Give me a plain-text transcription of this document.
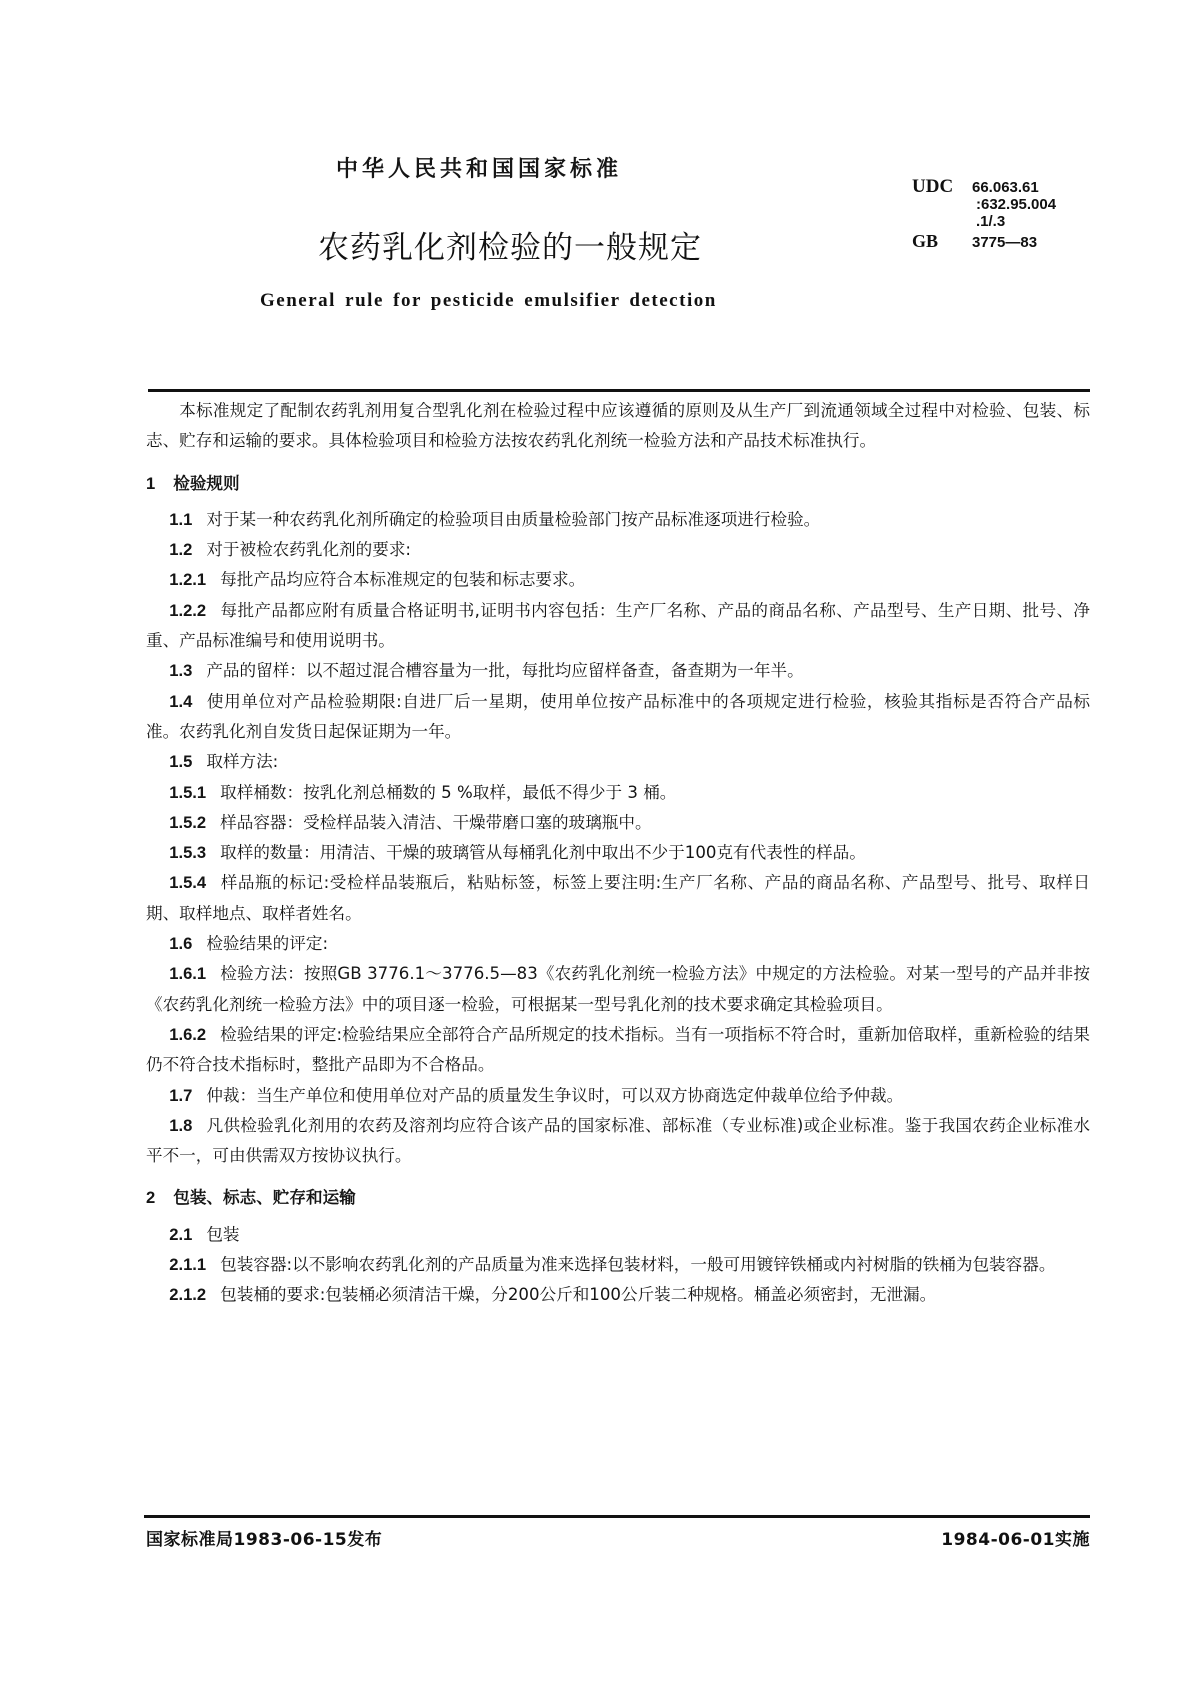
中华人民共和国国家标准
农药乳化剂检验的一般规定
General rule for pesticide emulsifier detection
UDC 66.063.61
:632.95.004
.1/.3
GB 3775—83

本标准规定了配制农药乳剂用复合型乳化剂在检验过程中应该遵循的原则及从生产厂到流通领域全过程中对检验、包装、标志、贮存和运输的要求。具体检验项目和检验方法按农药乳化剂统一检验方法和产品技术标准执行。

1 检验规则

1.1 对于某一种农药乳化剂所确定的检验项目由质量检验部门按产品标准逐项进行检验。

1.2 对于被检农药乳化剂的要求:

1.2.1 每批产品均应符合本标准规定的包装和标志要求。

1.2.2 每批产品都应附有质量合格证明书,证明书内容包括：生产厂名称、产品的商品名称、产品型号、生产日期、批号、净重、产品标准编号和使用说明书。

1.3 产品的留样：以不超过混合槽容量为一批，每批均应留样备查，备查期为一年半。

1.4 使用单位对产品检验期限:自进厂后一星期，使用单位按产品标准中的各项规定进行检验，核验其指标是否符合产品标准。农药乳化剂自发货日起保证期为一年。

1.5 取样方法:

1.5.1 取样桶数：按乳化剂总桶数的 5 %取样，最低不得少于 3 桶。

1.5.2 样品容器：受检样品装入清洁、干燥带磨口塞的玻璃瓶中。

1.5.3 取样的数量：用清洁、干燥的玻璃管从每桶乳化剂中取出不少于100克有代表性的样品。

1.5.4 样品瓶的标记:受检样品装瓶后，粘贴标签，标签上要注明:生产厂名称、产品的商品名称、产品型号、批号、取样日期、取样地点、取样者姓名。

1.6 检验结果的评定:

1.6.1 检验方法：按照GB 3776.1～3776.5—83《农药乳化剂统一检验方法》中规定的方法检验。对某一型号的产品并非按《农药乳化剂统一检验方法》中的项目逐一检验，可根据某一型号乳化剂的技术要求确定其检验项目。

1.6.2 检验结果的评定:检验结果应全部符合产品所规定的技术指标。当有一项指标不符合时，重新加倍取样，重新检验的结果仍不符合技术指标时，整批产品即为不合格品。

1.7 仲裁：当生产单位和使用单位对产品的质量发生争议时，可以双方协商选定仲裁单位给予仲裁。

1.8 凡供检验乳化剂用的农药及溶剂均应符合该产品的国家标准、部标准（专业标准)或企业标准。鉴于我国农药企业标准水平不一，可由供需双方按协议执行。

2 包装、标志、贮存和运输

2.1 包装

2.1.1 包装容器:以不影响农药乳化剂的产品质量为准来选择包装材料，一般可用镀锌铁桶或内衬树脂的铁桶为包装容器。

2.1.2 包装桶的要求:包装桶必须清洁干燥，分200公斤和100公斤装二种规格。桶盖必须密封，无泄漏。

国家标准局1983-06-15发布	1984-06-01实施
